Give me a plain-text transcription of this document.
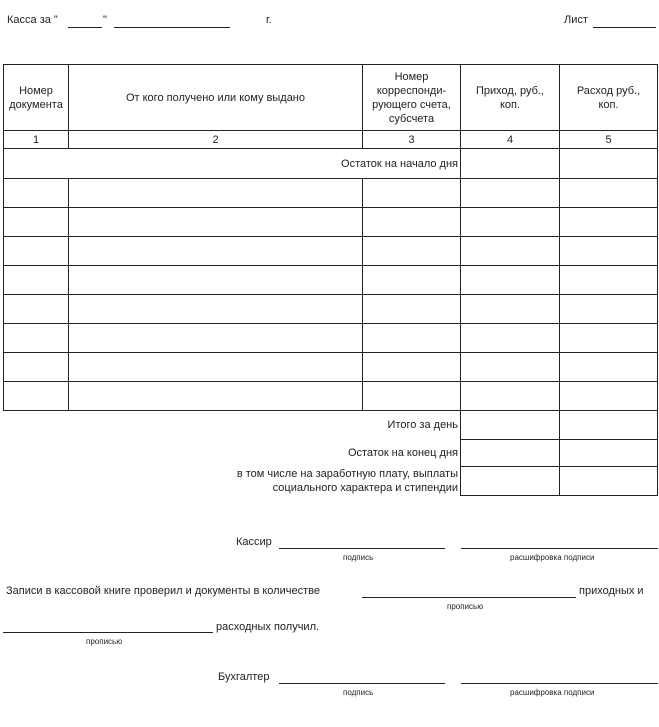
Касса за "	"	г.	Лист
Номер документа	От кого получено или кому выдано	Номер корреспонди-рующего счета, субсчета	Приход, руб., коп.	Расход руб., коп.
1	2	3	4	5
Остаток на начало дня				

Итого за день				
Остаток на конец дня				

в том числе на заработную плату, выплаты
социального характера и стипендии				

Кассир
подпись	расшифровка подписи
Записи в кассовой книге проверил и документы в количестве	приходных и
прописью
расходных получил.
прописью
Бухгалтер
подпись	расшифровка подписи
